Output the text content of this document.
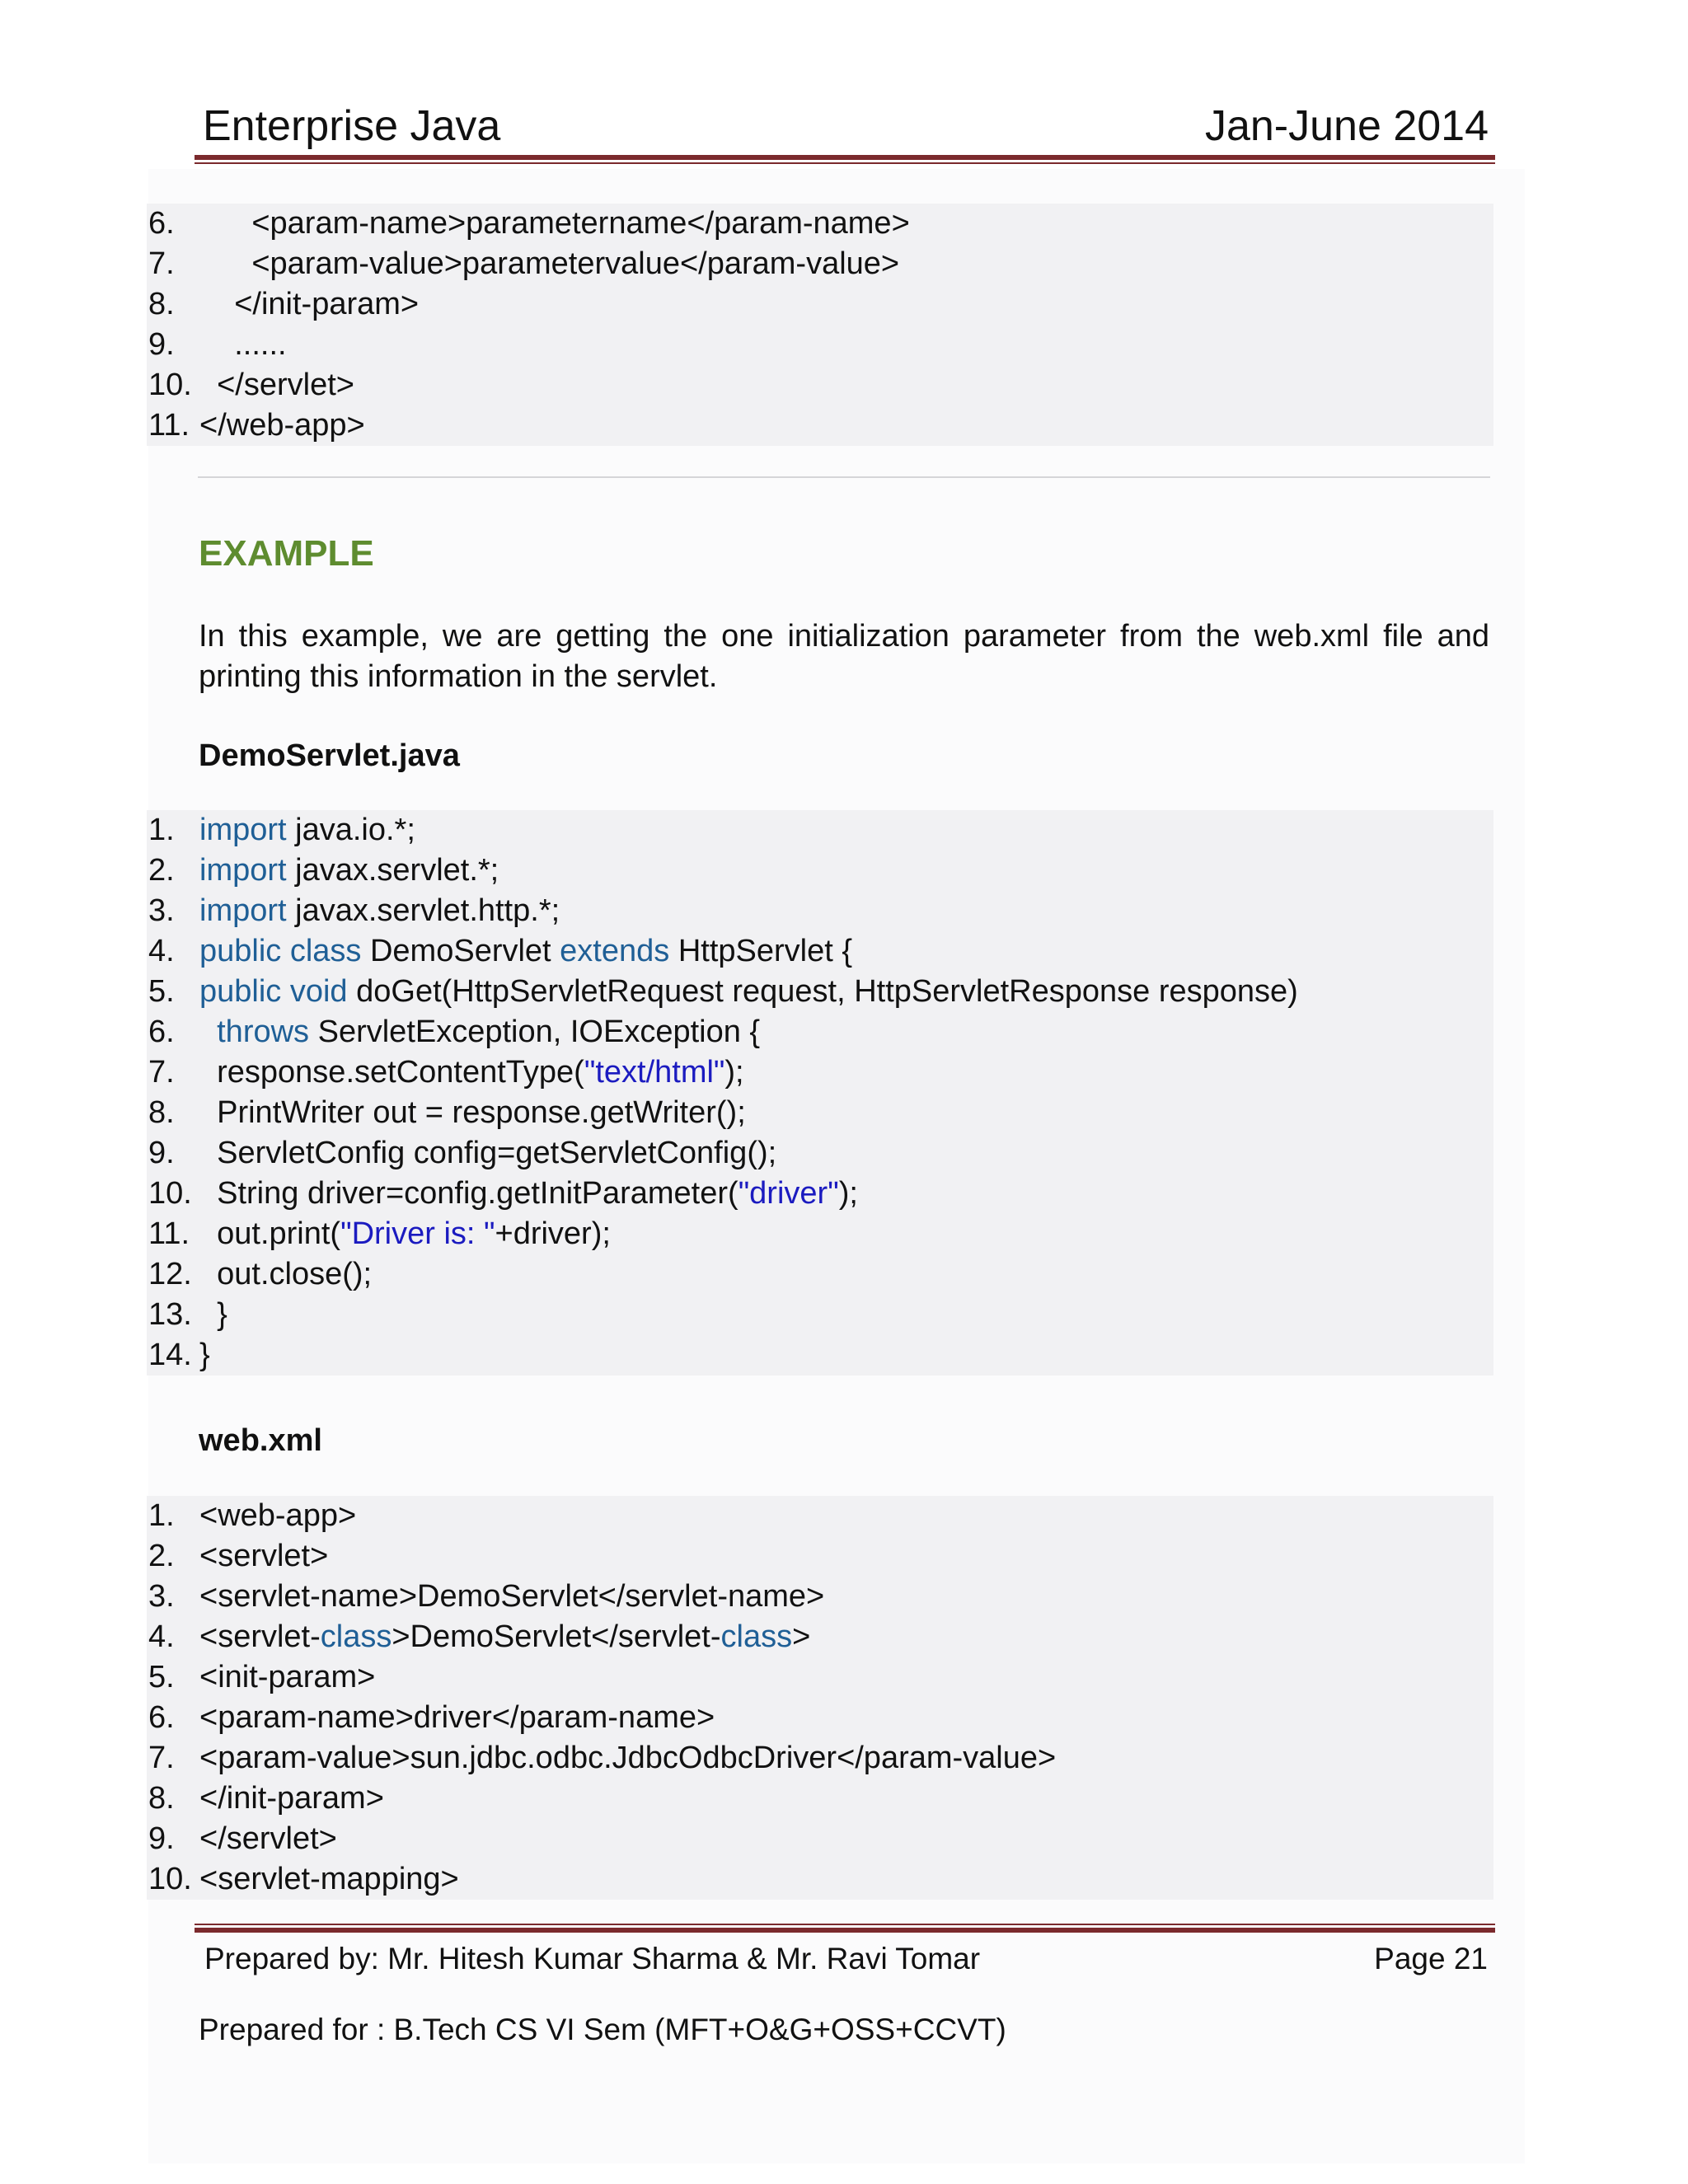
Enterprise Java	Jan-June 2014
6. <param-name>parametername</param-name>
7. <param-value>parametervalue</param-value>
8. </init-param>
9. ......
10. </servlet>
11. </web-app>
EXAMPLE
In this example, we are getting the one initialization parameter from the web.xml file and printing this information in the servlet.
DemoServlet.java
1. import java.io.*;
2. import javax.servlet.*;
3. import javax.servlet.http.*;
4. public class DemoServlet extends HttpServlet {
5. public void doGet(HttpServletRequest request, HttpServletResponse response)
6.	throws ServletException, IOException {
7. response.setContentType("text/html");
8. PrintWriter out = response.getWriter();
9. ServletConfig config=getServletConfig();
10. String driver=config.getInitParameter("driver");
11. out.print("Driver is: "+driver);
12. out.close();
13. }
14. }
web.xml
1. <web-app>
2. <servlet>
3. <servlet-name>DemoServlet</servlet-name>
4. <servlet-class>DemoServlet</servlet-class>
5. <init-param>
6. <param-name>driver</param-name>
7. <param-value>sun.jdbc.odbc.JdbcOdbcDriver</param-value>
8. </init-param>
9. </servlet>
10. <servlet-mapping>
Prepared by: Mr. Hitesh Kumar Sharma & Mr. Ravi Tomar	Page 21
Prepared for : B.Tech CS VI Sem (MFT+O&G+OSS+CCVT)
